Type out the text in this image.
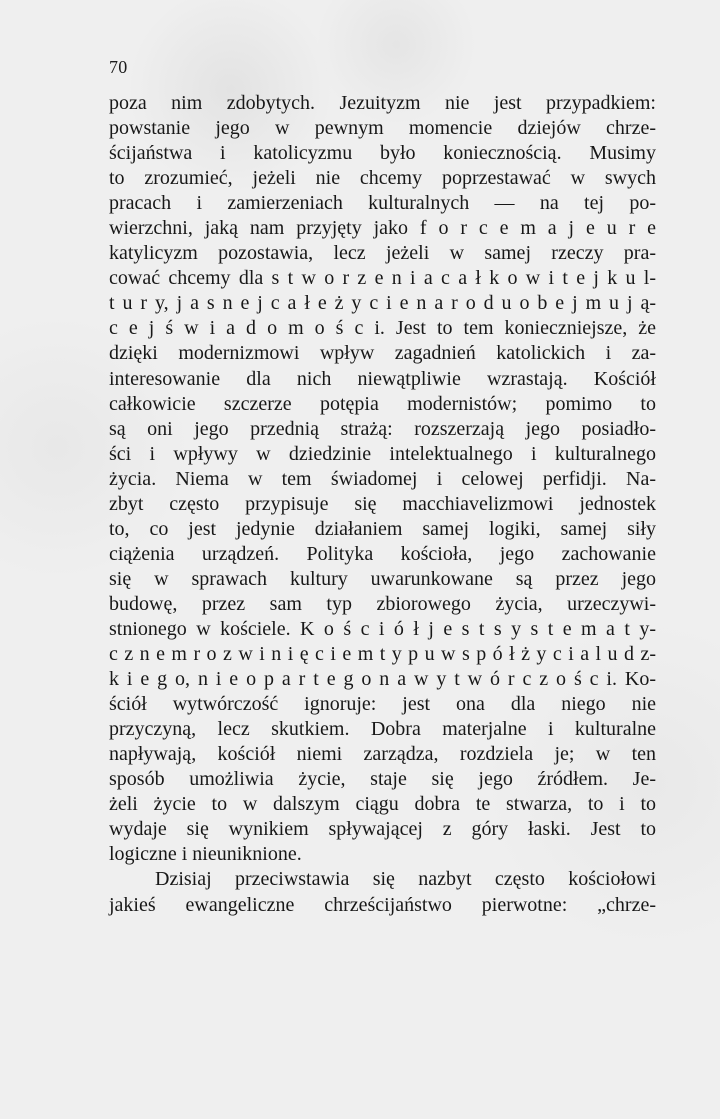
70

poza nim zdobytych. Jezuityzm nie jest przypadkiem:
powstanie jego w pewnym momencie dziejów chrze-
ścijaństwa i katolicyzmu było koniecznością. Musimy
to zrozumieć, jeżeli nie chcemy poprzestawać w swych
pracach i zamierzeniach kulturalnych — na tej po-
wierzchni, jaką nam przyjęty jako f o r c e m a j e u r e
katylicyzm pozostawia, lecz jeżeli w samej rzeczy pra-
cować chcemy dla s t w o r z e n i a c a ł k o w i t e j k u l-
t u r y, j a s n e j c a ł e ż y c i e n a r o d u o b e j m u j ą-
c e j ś w i a d o m o ś c i. Jest to tem konieczniejsze, że
dzięki modernizmowi wpływ zagadnień katolickich i za-
interesowanie dla nich niewątpliwie wzrastają. Kościół
całkowicie szczerze potępia modernistów; pomimo to
są oni jego przednią strażą: rozszerzają jego posiadło-
ści i wpływy w dziedzinie intelektualnego i kulturalnego
życia. Niema w tem świadomej i celowej perfidji. Na-
zbyt często przypisuje się macchiavelizmowi jednostek
to, co jest jedynie działaniem samej logiki, samej siły
ciążenia urządzeń. Polityka kościoła, jego zachowanie
się w sprawach kultury uwarunkowane są przez jego
budowę, przez sam typ zbiorowego życia, urzeczywi-
stnionego w kościele. K o ś c i ó ł j e s t s y s t e m a t y-
c z n e m r o z w i n i ę c i e m t y p u w s p ó ł ż y c i a l u d z-
k i e g o, n i e o p a r t e g o n a w y t w ó r c z o ś c i. Ko-
ściół wytwórczość ignoruje: jest ona dla niego nie
przyczyną, lecz skutkiem. Dobra materjalne i kulturalne
napływają, kościół niemi zarządza, rozdziela je; w ten
sposób umożliwia życie, staje się jego źródłem. Je-
żeli życie to w dalszym ciągu dobra te stwarza, to i to
wydaje się wynikiem spływającej z góry łaski. Jest to
logiczne i nieuniknione.
Dzisiaj przeciwstawia się nazbyt często kościołowi
jakieś ewangeliczne chrześcijaństwo pierwotne: „chrze-
